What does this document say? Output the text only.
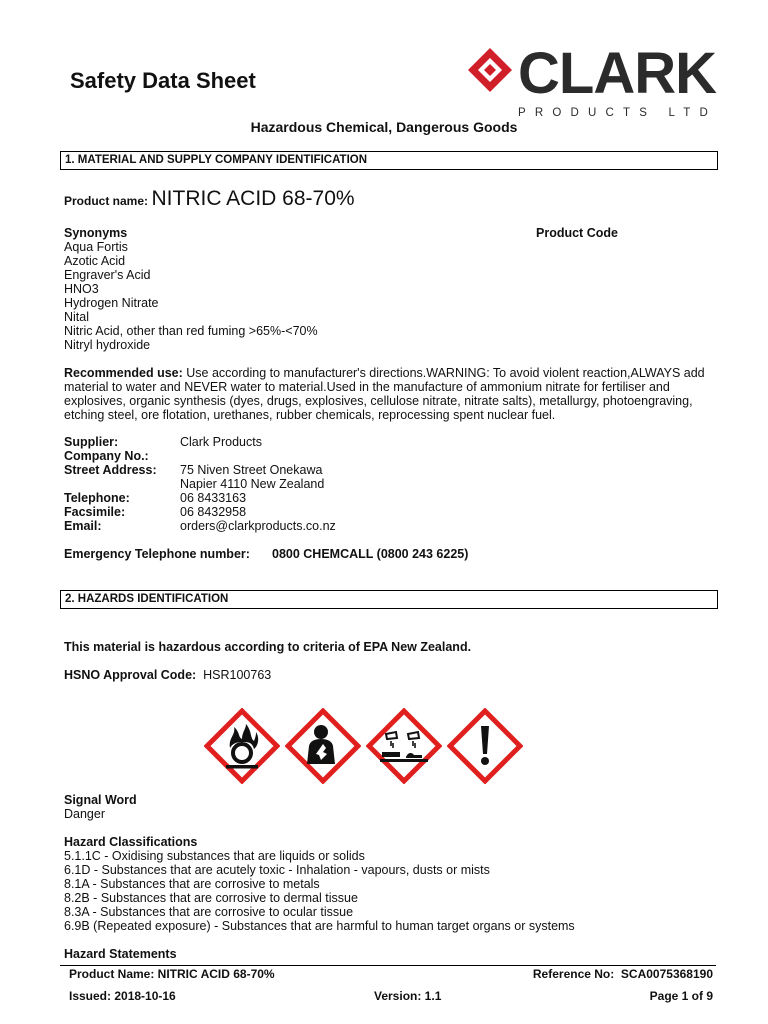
Safety Data Sheet	CLARK
PRODUCTS LTD
Hazardous Chemical, Dangerous Goods
1. MATERIAL AND SUPPLY COMPANY IDENTIFICATION
Product name: NITRIC ACID 68-70%
Synonyms
Aqua Fortis
Azotic Acid
Engraver's Acid
HNO3
Hydrogen Nitrate
Nital
Nitric Acid, other than red fuming >65%-<70%
Nitryl hydroxide
Product Code
Recommended use: Use according to manufacturer's directions.WARNING: To avoid violent reaction,ALWAYS add material to water and NEVER water to material.Used in the manufacture of ammonium nitrate for fertiliser and explosives, organic synthesis (dyes, drugs, explosives, cellulose nitrate, nitrate salts), metallurgy, photoengraving, etching steel, ore flotation, urethanes, rubber chemicals, reprocessing spent nuclear fuel.
Supplier:	Clark Products
Company No.:
Street Address: 75 Niven Street Onekawa
Napier 4110 New Zealand
Telephone:	06 8433163
Facsimile:	06 8432958
Email:	orders@clarkproducts.co.nz
Emergency Telephone number: 0800 CHEMCALL (0800 243 6225)
2. HAZARDS IDENTIFICATION
This material is hazardous according to criteria of EPA New Zealand.
HSNO Approval Code: HSR100763
Signal Word
Danger
Hazard Classifications
5.1.1C - Oxidising substances that are liquids or solids
6.1D - Substances that are acutely toxic - Inhalation - vapours, dusts or mists
8.1A - Substances that are corrosive to metals
8.2B - Substances that are corrosive to dermal tissue
8.3A - Substances that are corrosive to ocular tissue
6.9B (Repeated exposure) - Substances that are harmful to human target organs or systems
Hazard Statements
Product Name: NITRIC ACID 68-70%	Reference No:  SCA0075368190
Issued: 2018-10-16	Version: 1.1	Page 1 of 9
